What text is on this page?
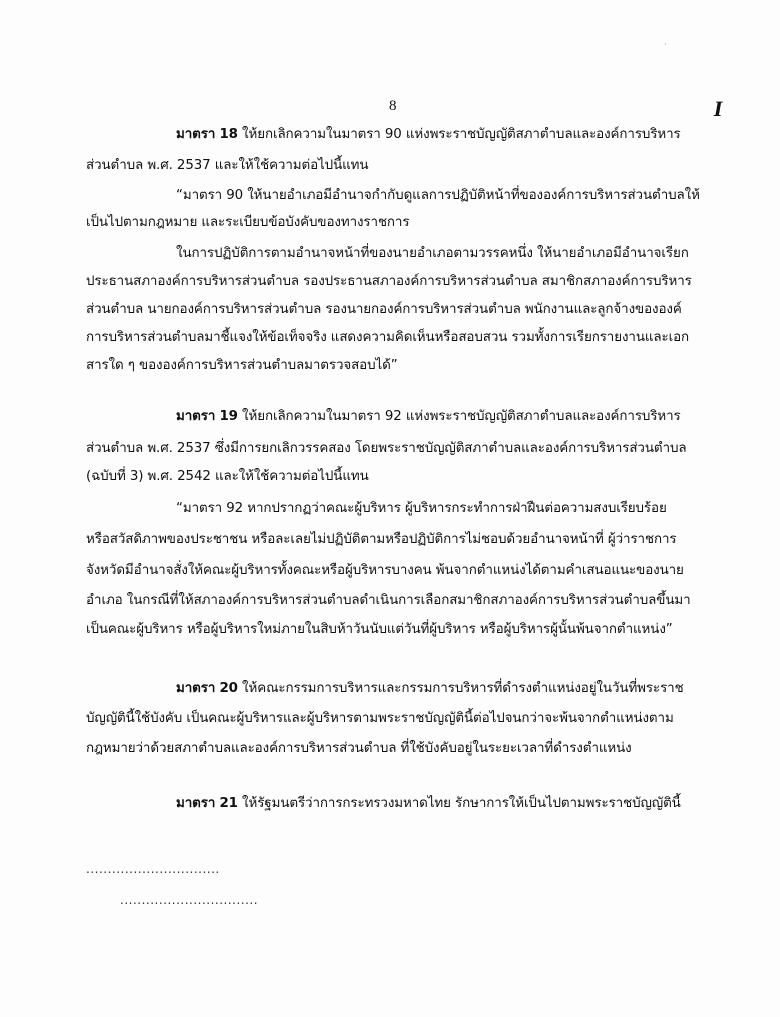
·
8	I
มาตรา 18 ให้ยกเลิกความในมาตรา 90 แห่งพระราชบัญญัติสภาตำบลและองค์การบริหาร
ส่วนตำบล พ.ศ. 2537 และให้ใช้ความต่อไปนี้แทน
“มาตรา 90 ให้นายอำเภอมีอำนาจกำกับดูแลการปฏิบัติหน้าที่ขององค์การบริหารส่วนตำบลให้
เป็นไปตามกฎหมาย และระเบียบข้อบังคับของทางราชการ
ในการปฏิบัติการตามอำนาจหน้าที่ของนายอำเภอตามวรรคหนึ่ง ให้นายอำเภอมีอำนาจเรียก
ประธานสภาองค์การบริหารส่วนตำบล รองประธานสภาองค์การบริหารส่วนตำบล สมาชิกสภาองค์การบริหาร
ส่วนตำบล นายกองค์การบริหารส่วนตำบล รองนายกองค์การบริหารส่วนตำบล พนักงานและลูกจ้างขององค์
การบริหารส่วนตำบลมาชี้แจงให้ข้อเท็จจริง แสดงความคิดเห็นหรือสอบสวน รวมทั้งการเรียกรายงานและเอก
สารใด ๆ ขององค์การบริหารส่วนตำบลมาตรวจสอบได้”
มาตรา 19 ให้ยกเลิกความในมาตรา 92 แห่งพระราชบัญญัติสภาตำบลและองค์การบริหาร
ส่วนตำบล พ.ศ. 2537 ซึ่งมีการยกเลิกวรรคสอง โดยพระราชบัญญัติสภาตำบลและองค์การบริหารส่วนตำบล
(ฉบับที่ 3) พ.ศ. 2542 และให้ใช้ความต่อไปนี้แทน
“มาตรา 92 หากปรากฏว่าคณะผู้บริหาร ผู้บริหารกระทำการฝ่าฝืนต่อความสงบเรียบร้อย
หรือสวัสดิภาพของประชาชน หรือละเลยไม่ปฏิบัติตามหรือปฏิบัติการไม่ชอบด้วยอำนาจหน้าที่ ผู้ว่าราชการ
จังหวัดมีอำนาจสั่งให้คณะผู้บริหารทั้งคณะหรือผู้บริหารบางคน พ้นจากตำแหน่งได้ตามคำเสนอแนะของนาย
อำเภอ ในกรณีที่ให้สภาองค์การบริหารส่วนตำบลดำเนินการเลือกสมาชิกสภาองค์การบริหารส่วนตำบลขึ้นมา
เป็นคณะผู้บริหาร หรือผู้บริหารใหม่ภายในสิบห้าวันนับแต่วันที่ผู้บริหาร หรือผู้บริหารผู้นั้นพ้นจากตำแหน่ง”
มาตรา 20 ให้คณะกรรมการบริหารและกรรมการบริหารที่ดำรงตำแหน่งอยู่ในวันที่พระราช
บัญญัตินี้ใช้บังคับ เป็นคณะผู้บริหารและผู้บริหารตามพระราชบัญญัตินี้ต่อไปจนกว่าจะพ้นจากตำแหน่งตาม
กฎหมายว่าด้วยสภาตำบลและองค์การบริหารส่วนตำบล ที่ใช้บังคับอยู่ในระยะเวลาที่ดำรงตำแหน่ง
มาตรา 21 ให้รัฐมนตรีว่าการกระทรวงมหาดไทย รักษาการให้เป็นไปตามพระราชบัญญัตินี้
...............................
................................
